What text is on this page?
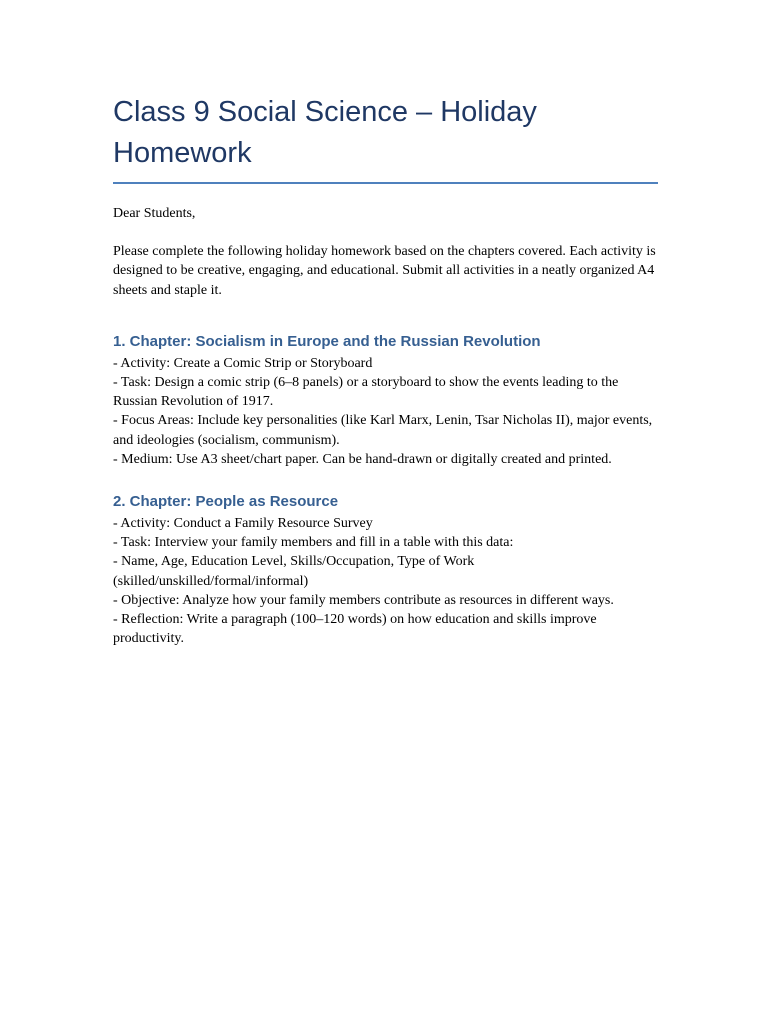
Class 9 Social Science – Holiday Homework

Dear Students,

Please complete the following holiday homework based on the chapters covered. Each activity is designed to be creative, engaging, and educational. Submit all activities in a neatly organized A4 sheets and staple it.

1. Chapter: Socialism in Europe and the Russian Revolution
- Activity: Create a Comic Strip or Storyboard
- Task: Design a comic strip (6–8 panels) or a storyboard to show the events leading to the Russian Revolution of 1917.
- Focus Areas: Include key personalities (like Karl Marx, Lenin, Tsar Nicholas II), major events, and ideologies (socialism, communism).
- Medium: Use A3 sheet/chart paper. Can be hand-drawn or digitally created and printed.
2. Chapter: People as Resource
- Activity: Conduct a Family Resource Survey
- Task: Interview your family members and fill in a table with this data:
- Name, Age, Education Level, Skills/Occupation, Type of Work (skilled/unskilled/formal/informal)
- Objective: Analyze how your family members contribute as resources in different ways.
- Reflection: Write a paragraph (100–120 words) on how education and skills improve productivity.
